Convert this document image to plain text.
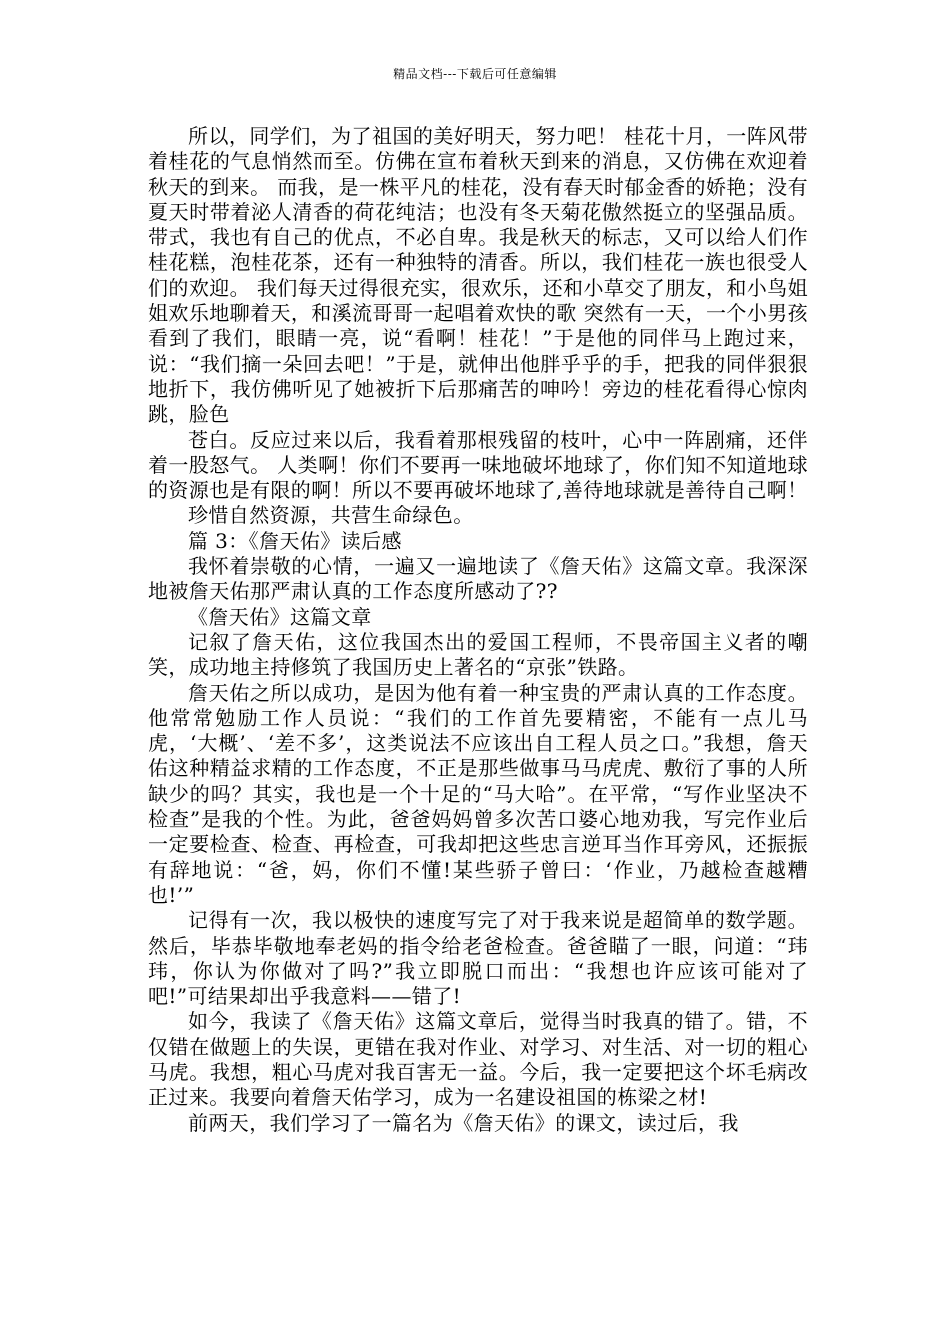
精品文档---下载后可任意编辑

所以，同学们，为了祖国的美好明天，努力吧！ 桂花十月，一阵风带着桂花的气息悄然而至。仿佛在宣布着秋天到来的消息，又仿佛在欢迎着秋天的到来。 而我，是一株平凡的桂花，没有春天时郁金香的娇艳；没有夏天时带着泌人清香的荷花纯洁；也没有冬天菊花傲然挺立的坚强品质。带式，我也有自己的优点，不必自卑。我是秋天的标志，又可以给人们作桂花糕，泡桂花茶，还有一种独特的清香。所以，我们桂花一族也很受人们的欢迎。 我们每天过得很充实，很欢乐，还和小草交了朋友，和小鸟姐姐欢乐地聊着天，和溪流哥哥一起唱着欢快的歌 突然有一天，一个小男孩看到了我们，眼睛一亮，说“看啊！桂花！”于是他的同伴马上跑过来，说：“我们摘一朵回去吧！”于是，就伸出他胖乎乎的手，把我的同伴狠狠地折下，我仿佛听见了她被折下后那痛苦的呻吟！旁边的桂花看得心惊肉跳，脸色

苍白。反应过来以后，我看着那根残留的枝叶，心中一阵剧痛，还伴着一股怒气。 人类啊！你们不要再一味地破坏地球了，你们知不知道地球的资源也是有限的啊！所以不要再破坏地球了,善待地球就是善待自己啊！

珍惜自然资源，共营生命绿色。

篇 3：《詹天佑》读后感

我怀着崇敬的心情，一遍又一遍地读了《詹天佑》这篇文章。我深深地被詹天佑那严肃认真的工作态度所感动了??

《詹天佑》这篇文章

记叙了詹天佑，这位我国杰出的爱国工程师，不畏帝国主义者的嘲笑，成功地主持修筑了我国历史上著名的“京张”铁路。

詹天佑之所以成功，是因为他有着一种宝贵的严肃认真的工作态度。他常常勉励工作人员说：“我们的工作首先要精密，不能有一点儿马虎，‘大概’、‘差不多’，这类说法不应该出自工程人员之口。”我想，詹天佑这种精益求精的工作态度，不正是那些做事马马虎虎、敷衍了事的人所缺少的吗？其实，我也是一个十足的“马大哈”。在平常，“写作业坚决不检查”是我的个性。为此，爸爸妈妈曾多次苦口婆心地劝我，写完作业后一定要检查、检查、再检查，可我却把这些忠言逆耳当作耳旁风，还振振有辞地说：“爸，妈，你们不懂!某些骄子曾曰：‘作业，乃越检查越糟也!’”

记得有一次，我以极快的速度写完了对于我来说是超简单的数学题。然后，毕恭毕敬地奉老妈的指令给老爸检查。爸爸瞄了一眼，问道：“玮玮，你认为你做对了吗?”我立即脱口而出：“我想也许应该可能对了吧!”可结果却出乎我意料——错了!

如今，我读了《詹天佑》这篇文章后，觉得当时我真的错了。错，不仅错在做题上的失误，更错在我对作业、对学习、对生活、对一切的粗心马虎。我想，粗心马虎对我百害无一益。今后，我一定要把这个坏毛病改正过来。我要向着詹天佑学习，成为一名建设祖国的栋梁之材!

前两天，我们学习了一篇名为《詹天佑》的课文，读过后，我
